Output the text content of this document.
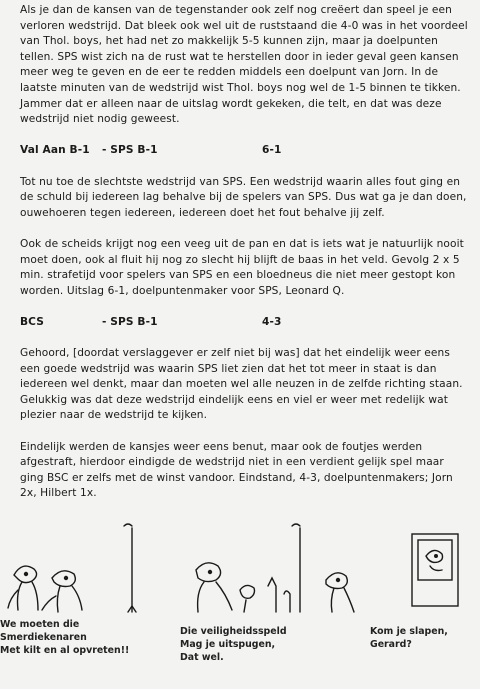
Als je dan de kansen van de tegenstander ook zelf nog creëert dan speel je een verloren wedstrijd. Dat bleek ook wel uit de ruststaand die 4-0 was in het voordeel van Thol. boys, het had net zo makkelijk 5-5 kunnen zijn, maar ja doelpunten tellen. SPS wist zich na de rust wat te herstellen door in ieder geval geen kansen meer weg te geven en de eer te redden middels een doelpunt van Jorn. In de laatste minuten van de wedstrijd wist Thol. boys nog wel de 1-5 binnen te tikken. Jammer dat er alleen naar de uitslag wordt gekeken, die telt, en dat was deze wedstrijd niet nodig geweest.

Val Aan B-1	- SPS B-1	6-1

Tot nu toe de slechtste wedstrijd van SPS. Een wedstrijd waarin alles fout ging en de schuld bij iedereen lag behalve bij de spelers van SPS. Dus wat ga je dan doen, ouwehoeren tegen iedereen, iedereen doet het fout behalve jij zelf.

Ook de scheids krijgt nog een veeg uit de pan en dat is iets wat je natuurlijk nooit moet doen, ook al fluit hij nog zo slecht hij blijft de baas in het veld. Gevolg 2 x 5 min. strafetijd voor spelers van SPS en een bloedneus die niet meer gestopt kon worden. Uitslag 6-1, doelpuntenmaker voor SPS, Leonard Q.

BCS	- SPS B-1	4-3

Gehoord, [doordat verslaggever er zelf niet bij was] dat het eindelijk weer eens een goede wedstrijd was waarin SPS liet zien dat het tot meer in staat is dan iedereen wel denkt, maar dan moeten wel alle neuzen in de zelfde richting staan. Gelukkig was dat deze wedstrijd eindelijk eens en viel er weer met redelijk wat plezier naar de wedstrijd te kijken.

Eindelijk werden de kansjes weer eens benut, maar ook de foutjes werden afgestraft, hierdoor eindigde de wedstrijd niet in een verdient gelijk spel maar ging BSC er zelfs met de winst vandoor. Eindstand, 4-3, doelpuntenmakers; Jorn 2x, Hilbert 1x.

We moeten die Smerdiekenaren
Met kilt en al opvreten!!
Die veiligheidsspeld
Mag je uitspugen,
Dat wel.
Kom je slapen, Gerard?
